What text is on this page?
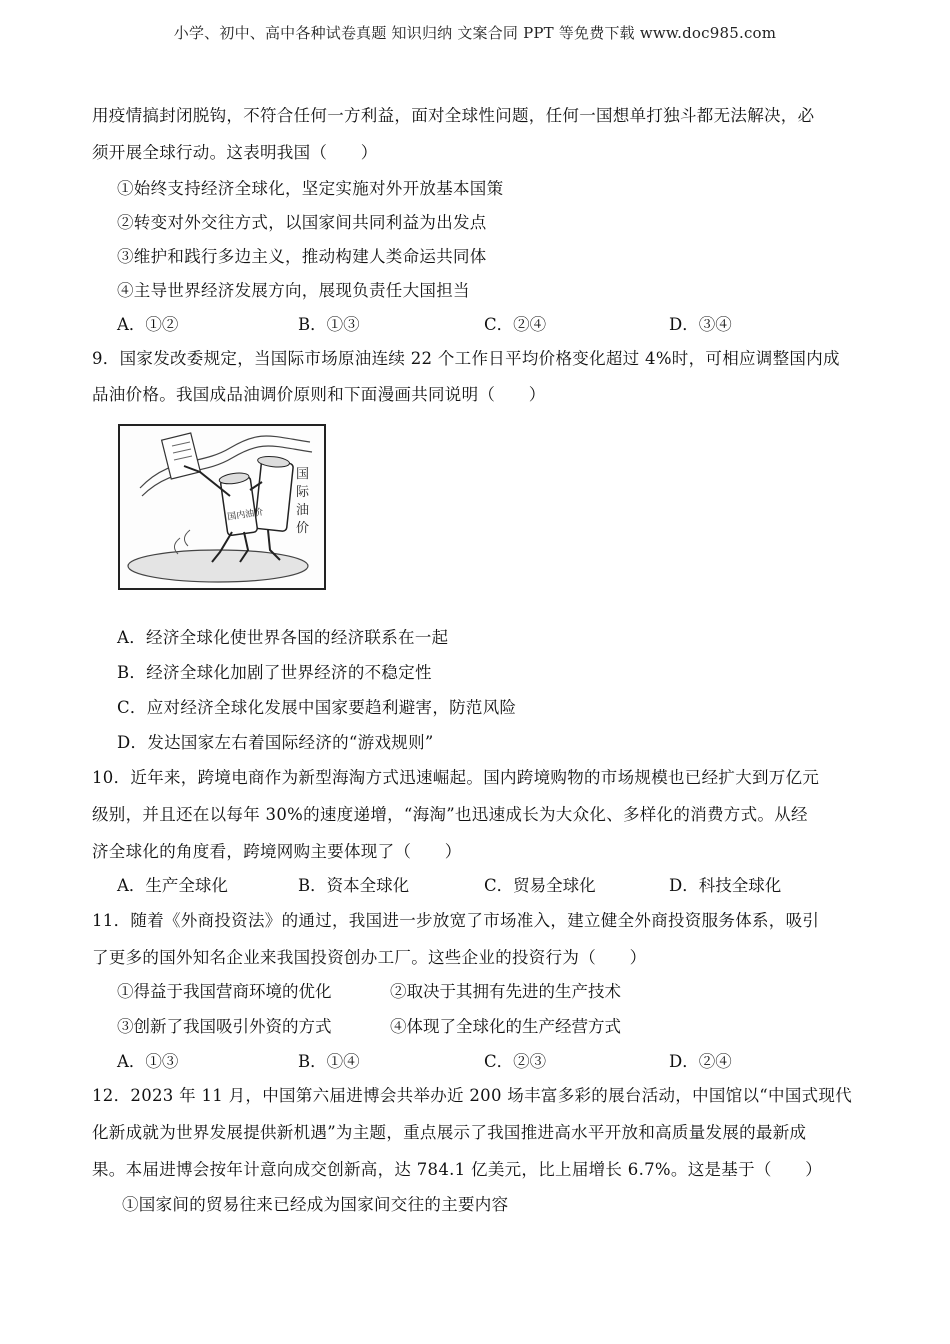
小学、初中、高中各种试卷真题 知识归纳 文案合同 PPT 等免费下载 www.doc985.com
用疫情搞封闭脱钩，不符合任何一方利益，面对全球性问题，任何一国想单打独斗都无法解决，必
须开展全球行动。这表明我国（　　）
①始终支持经济全球化，坚定实施对外开放基本国策
②转变对外交往方式，以国家间共同利益为出发点
③维护和践行多边主义，推动构建人类命运共同体
④主导世界经济发展方向，展现负责任大国担当
A．①②	B．①③	C．②④	D．③④
9．国家发改委规定，当国际市场原油连续 22 个工作日平均价格变化超过 4%时，可相应调整国内成
品油价格。我国成品油调价原则和下面漫画共同说明（　　）
国
际
油
价
国内油价
A．经济全球化使世界各国的经济联系在一起
B．经济全球化加剧了世界经济的不稳定性
C．应对经济全球化发展中国家要趋利避害，防范风险
D．发达国家左右着国际经济的“游戏规则”
10．近年来，跨境电商作为新型海淘方式迅速崛起。国内跨境购物的市场规模也已经扩大到万亿元
级别，并且还在以每年 30%的速度递增，“海淘”也迅速成长为大众化、多样化的消费方式。从经
济全球化的角度看，跨境网购主要体现了（　　）
A．生产全球化	B．资本全球化	C．贸易全球化	D．科技全球化
11．随着《外商投资法》的通过，我国进一步放宽了市场准入，建立健全外商投资服务体系，吸引
了更多的国外知名企业来我国投资创办工厂。这些企业的投资行为（　　）
①得益于我国营商环境的优化	②取决于其拥有先进的生产技术
③创新了我国吸引外资的方式	④体现了全球化的生产经营方式
A．①③	B．①④	C．②③	D．②④
12．2023 年 11 月，中国第六届进博会共举办近 200 场丰富多彩的展台活动，中国馆以“中国式现代
化新成就为世界发展提供新机遇”为主题，重点展示了我国推进高水平开放和高质量发展的最新成
果。本届进博会按年计意向成交创新高，达 784.1 亿美元，比上届增长 6.7%。这是基于（　　）
①国家间的贸易往来已经成为国家间交往的主要内容
